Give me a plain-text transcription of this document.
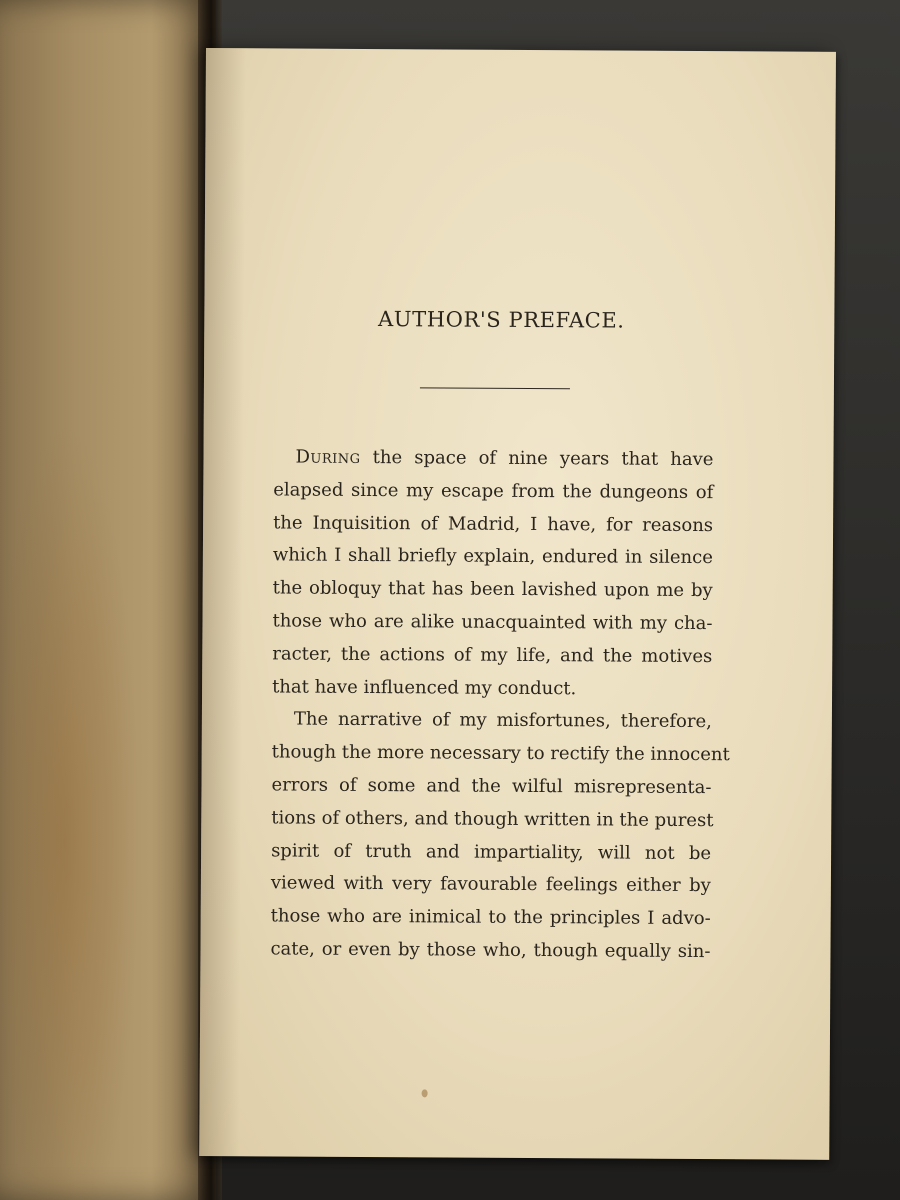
AUTHOR'S PREFACE.
During the space of nine years that have
elapsed since my escape from the dungeons of
the Inquisition of Madrid, I have, for reasons
which I shall briefly explain, endured in silence
the obloquy that has been lavished upon me by
those who are alike unacquainted with my cha-
racter, the actions of my life, and the motives
that have influenced my conduct.
The narrative of my misfortunes, therefore,
though the more necessary to rectify the innocent
errors of some and the wilful misrepresenta-
tions of others, and though written in the purest
spirit of truth and impartiality, will not be
viewed with very favourable feelings either by
those who are inimical to the principles I advo-
cate, or even by those who, though equally sin-
